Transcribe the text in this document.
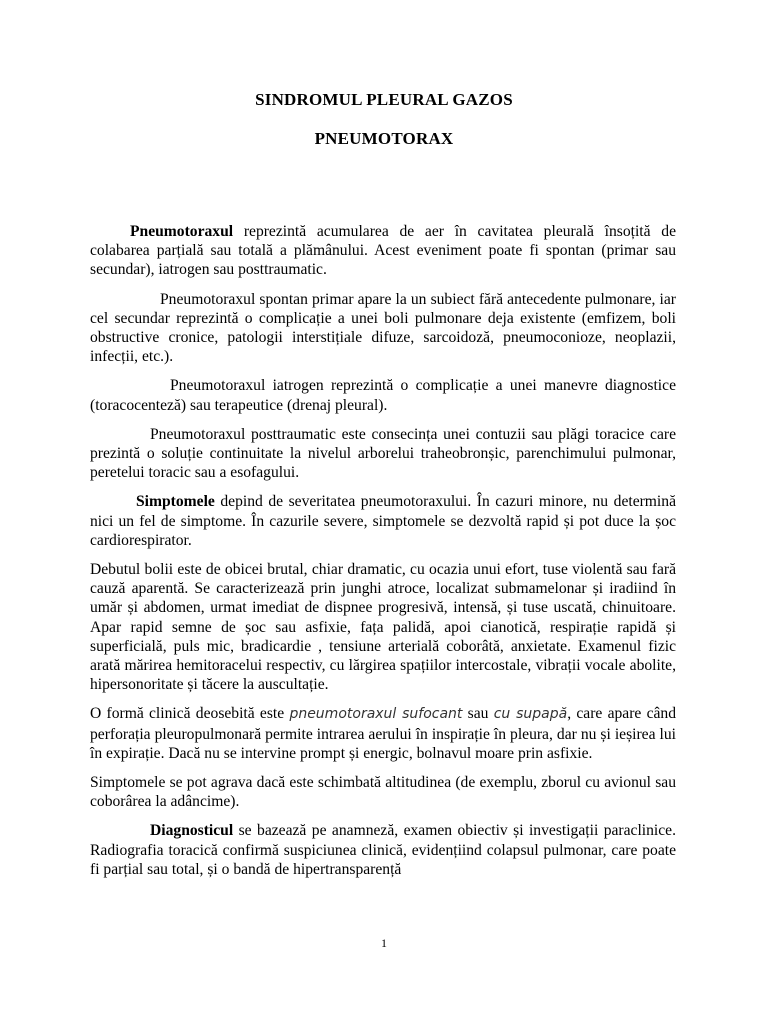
SINDROMUL PLEURAL GAZOS
PNEUMOTORAX

Pneumotoraxul reprezintă acumularea de aer în cavitatea pleurală însoțită de colabarea parțială sau totală a plămânului. Acest eveniment poate fi spontan (primar sau secundar), iatrogen sau posttraumatic.

Pneumotoraxul spontan primar apare la un subiect fără antecedente pulmonare, iar cel secundar reprezintă o complicație a unei boli pulmonare deja existente (emfizem, boli obstructive cronice, patologii interstițiale difuze, sarcoidoză, pneumoconioze, neoplazii, infecții, etc.).

Pneumotoraxul iatrogen reprezintă o complicație a unei manevre diagnostice (toracocenteză) sau terapeutice (drenaj pleural).

Pneumotoraxul posttraumatic este consecința unei contuzii sau plăgi toracice care prezintă o soluție continuitate la nivelul arborelui traheobronșic, parenchimului pulmonar, peretelui toracic sau a esofagului.

Simptomele depind de severitatea pneumotoraxului. În cazuri minore, nu determină nici un fel de simptome. În cazurile severe, simptomele se dezvoltă rapid și pot duce la șoc cardiorespirator.

Debutul bolii este de obicei brutal, chiar dramatic, cu ocazia unui efort, tuse violentă sau fară cauză aparentă. Se caracterizează prin junghi atroce, localizat submamelonar și iradiind în umăr și abdomen, urmat imediat de dispnee progresivă, intensă, și tuse uscată, chinuitoare. Apar rapid semne de șoc sau asfixie, fața palidă, apoi cianotică, respirație rapidă și superficială, puls mic, bradicardie , tensiune arterială coborâtă, anxietate. Examenul fizic arată mărirea hemitoracelui respectiv, cu lărgirea spațiilor intercostale, vibrații vocale abolite, hipersonoritate și tăcere la auscultație.

O formă clinică deosebită este pneumotoraxul sufocant sau cu supapă, care apare când perforația pleuropulmonară permite intrarea aerului în inspirație în pleura, dar nu și ieșirea lui în expirație. Dacă nu se intervine prompt și energic, bolnavul moare prin asfixie.

Simptomele se pot agrava dacă este schimbată altitudinea (de exemplu, zborul cu avionul sau coborârea la adâncime).

Diagnosticul se bazează pe anamneză, examen obiectiv și investigații paraclinice. Radiografia toracică confirmă suspiciunea clinică, evidențiind colapsul pulmonar, care poate fi parțial sau total, și o bandă de hipertransparență

1
